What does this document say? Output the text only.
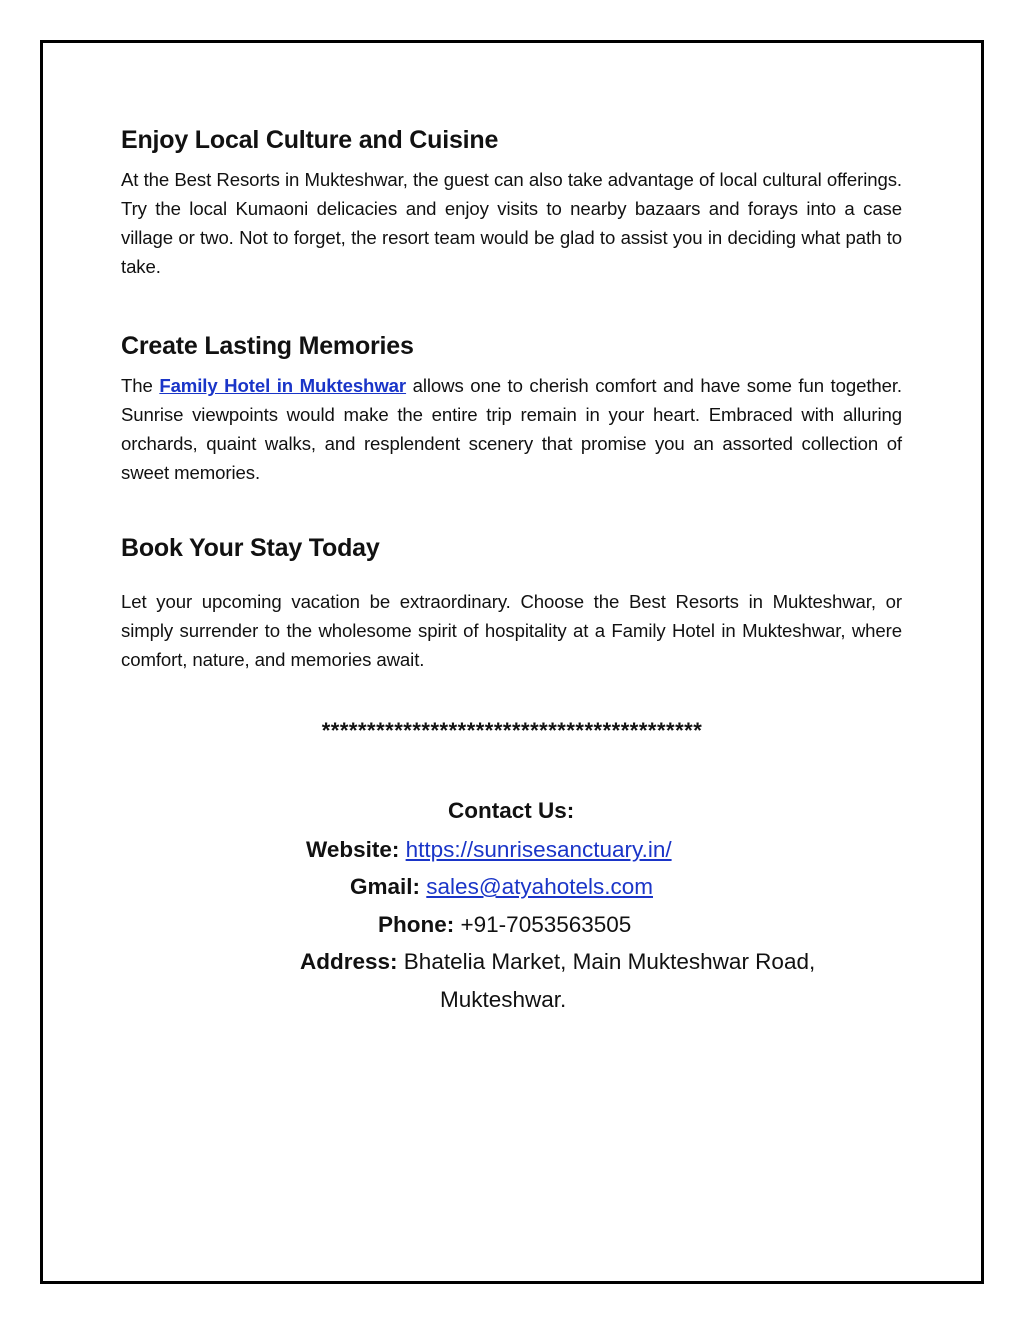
Enjoy Local Culture and Cuisine

At the Best Resorts in Mukteshwar, the guest can also take advantage of local cultural offerings. Try the local Kumaoni delicacies and enjoy visits to nearby bazaars and forays into a case village or two. Not to forget, the resort team would be glad to assist you in deciding what path to take.

Create Lasting Memories

The Family Hotel in Mukteshwar allows one to cherish comfort and have some fun together. Sunrise viewpoints would make the entire trip remain in your heart. Embraced with alluring orchards, quaint walks, and resplendent scenery that promise you an assorted collection of sweet memories.

Book Your Stay Today

Let your upcoming vacation be extraordinary. Choose the Best Resorts in Mukteshwar, or simply surrender to the wholesome spirit of hospitality at a Family Hotel in Mukteshwar, where comfort, nature, and memories await.

******************************************
Contact Us:
Website: https://sunrisesanctuary.in/
Gmail: sales@atyahotels.com
Phone: +91-7053563505
Address: Bhatelia Market, Main Mukteshwar Road,
Mukteshwar.
